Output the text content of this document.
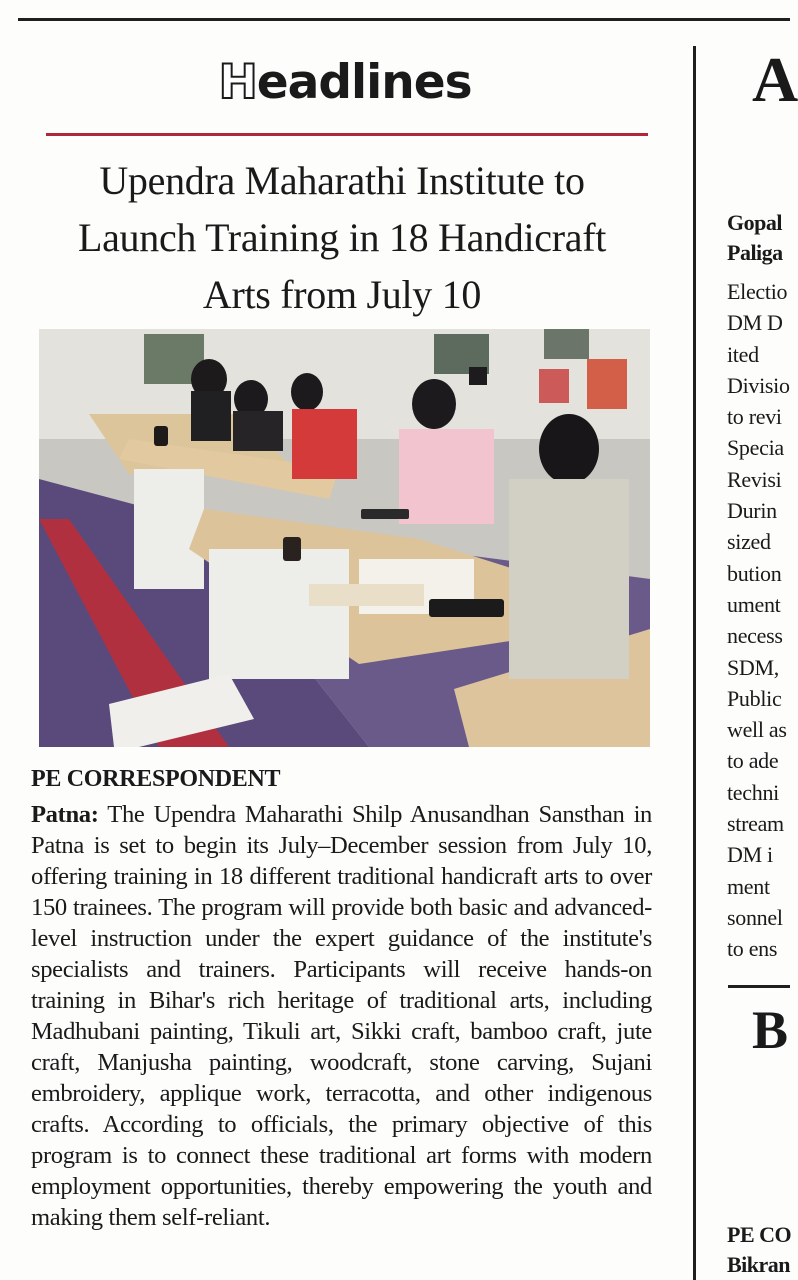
Headlines
Upendra Maharathi Institute to
Launch Training in 18 Handicraft
Arts from July 10
PE CORRESPONDENT
Patna: The Upendra Maharathi Shilp Anusandhan Sansthan in Patna is set to begin its July–December session from July 10, offering training in 18 different traditional handicraft arts to over 150 trainees. The program will provide both basic and advanced-level instruction under the expert guidance of the institute's specialists and trainers. Participants will receive hands-on training in Bihar's rich heritage of traditional arts, including Madhubani painting, Tikuli art, Sikki craft, bamboo craft, jute craft, Manjusha painting, woodcraft, stone carving, Sujani embroidery, applique work, terracotta, and other indigenous crafts. According to officials, the primary objective of this program is to connect these traditional art forms with modern employment opportunities, thereby empowering the youth and making them self-reliant.
A
Gopal
Paliga
Electio
DM D
ited
Divisio
to revi
Specia
Revisi
Durin
sized
bution
ument
necess
SDM,
Public
well as
to ade
techni
stream
DM i
ment
sonnel
to ens
B
PE CO
Bikran
